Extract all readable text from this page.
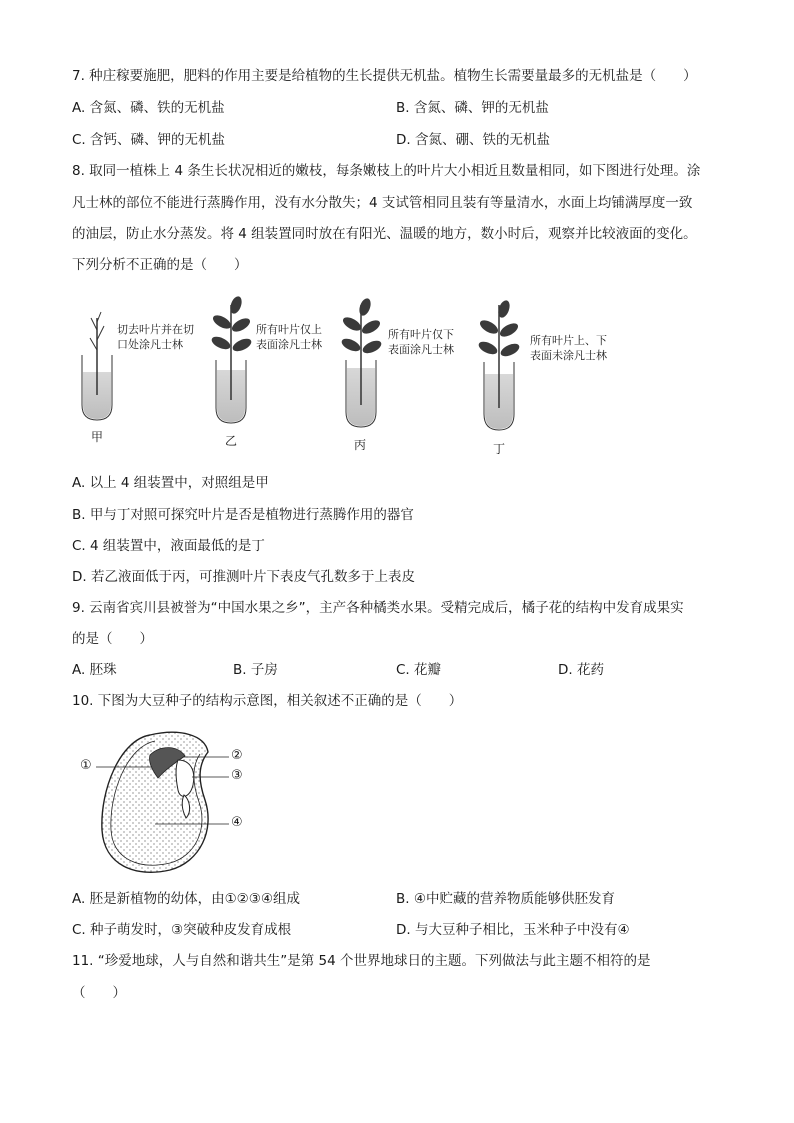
7. 种庄稼要施肥，肥料的作用主要是给植物的生长提供无机盐。植物生长需要量最多的无机盐是（　　）
A. 含氮、磷、铁的无机盐	B. 含氮、磷、钾的无机盐
C. 含钙、磷、钾的无机盐	D. 含氮、硼、铁的无机盐
8. 取同一植株上 4 条生长状况相近的嫩枝，每条嫩枝上的叶片大小相近且数量相同，如下图进行处理。涂
凡士林的部位不能进行蒸腾作用，没有水分散失；4 支试管相同且装有等量清水，水面上均铺满厚度一致
的油层，防止水分蒸发。将 4 组装置同时放在有阳光、温暖的地方，数小时后，观察并比较液面的变化。
下列分析不正确的是（　　）
切去叶片并在切
口处涂凡士林
甲
所有叶片仅上
表面涂凡士林
乙
所有叶片仅下
表面涂凡士林
丙
所有叶片上、下
表面未涂凡士林
丁
A. 以上 4 组装置中，对照组是甲
B. 甲与丁对照可探究叶片是否是植物进行蒸腾作用的器官
C. 4 组装置中，液面最低的是丁
D. 若乙液面低于丙，可推测叶片下表皮气孔数多于上表皮
9. 云南省宾川县被誉为“中国水果之乡”，主产各种橘类水果。受精完成后，橘子花的结构中发育成果实
的是（　　）
A. 胚珠	B. 子房	C. 花瓣	D. 花药
10. 下图为大豆种子的结构示意图，相关叙述不正确的是（　　）
①
②
③
④
A. 胚是新植物的幼体，由①②③④组成	B. ④中贮藏的营养物质能够供胚发育
C. 种子萌发时，③突破种皮发育成根	D. 与大豆种子相比，玉米种子中没有④
11. “珍爱地球，人与自然和谐共生”是第 54 个世界地球日的主题。下列做法与此主题不相符的是
（　　）
